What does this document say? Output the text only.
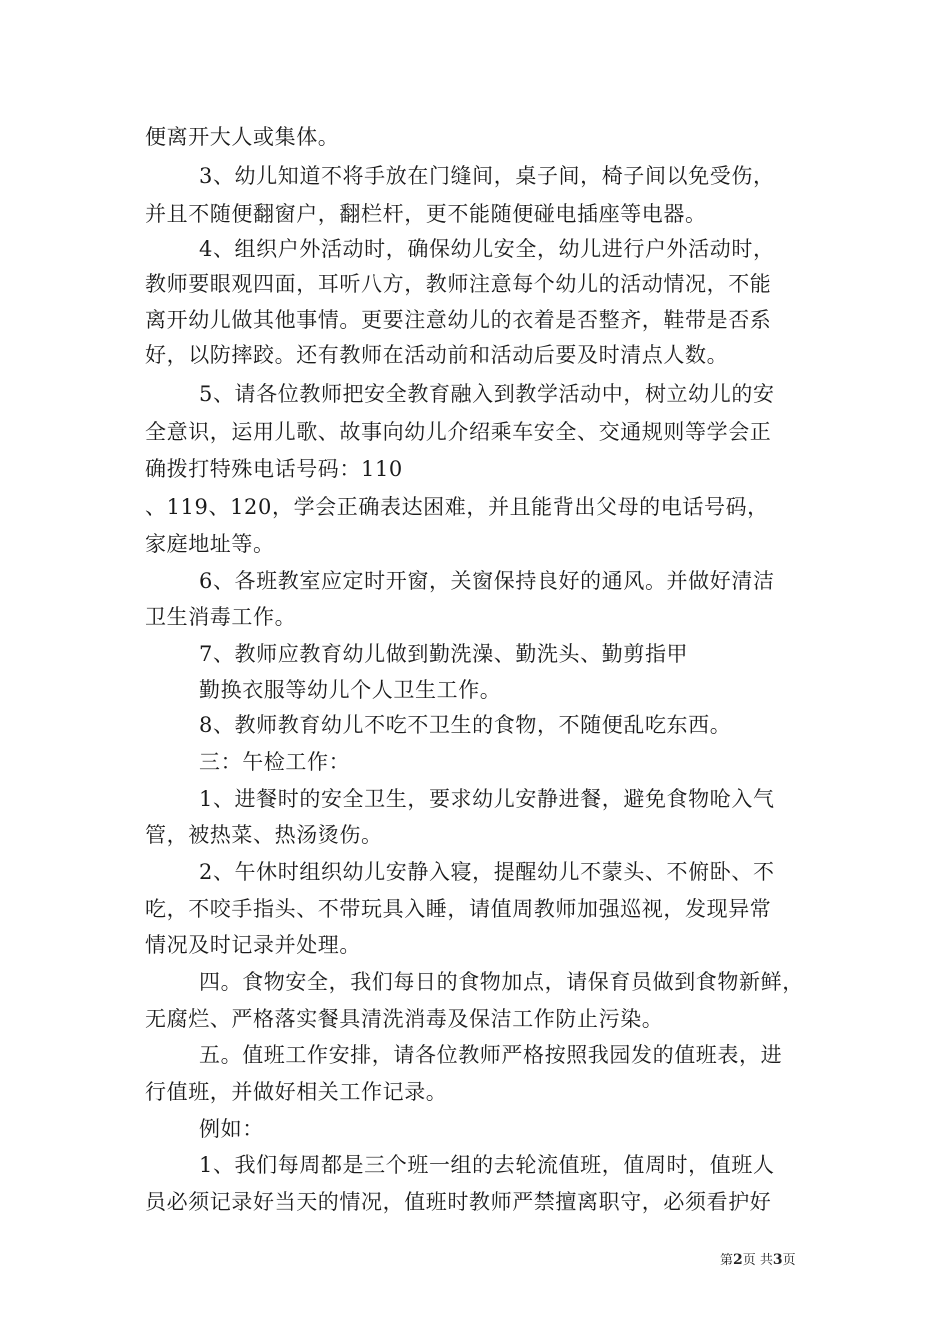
便离开大人或集体。
3、幼儿知道不将手放在门缝间，桌子间，椅子间以免受伤，
并且不随便翻窗户，翻栏杆，更不能随便碰电插座等电器。
4、组织户外活动时，确保幼儿安全，幼儿进行户外活动时，
教师要眼观四面，耳听八方，教师注意每个幼儿的活动情况，不能
离开幼儿做其他事情。更要注意幼儿的衣着是否整齐，鞋带是否系
好，以防摔跤。还有教师在活动前和活动后要及时清点人数。
5、请各位教师把安全教育融入到教学活动中，树立幼儿的安
全意识，运用儿歌、故事向幼儿介绍乘车安全、交通规则等学会正
确拨打特殊电话号码：110
、119、120，学会正确表达困难，并且能背出父母的电话号码，
家庭地址等。
6、各班教室应定时开窗，关窗保持良好的通风。并做好清洁
卫生消毒工作。
7、教师应教育幼儿做到勤洗澡、勤洗头、勤剪指甲
勤换衣服等幼儿个人卫生工作。
8、教师教育幼儿不吃不卫生的食物，不随便乱吃东西。
三：午检工作：
1、进餐时的安全卫生，要求幼儿安静进餐，避免食物呛入气
管，被热菜、热汤烫伤。
2、午休时组织幼儿安静入寝，提醒幼儿不蒙头、不俯卧、不
吃，不咬手指头、不带玩具入睡，请值周教师加强巡视，发现异常
情况及时记录并处理。
四。食物安全，我们每日的食物加点，请保育员做到食物新鲜，
无腐烂、严格落实餐具清洗消毒及保洁工作防止污染。
五。值班工作安排，请各位教师严格按照我园发的值班表，进
行值班，并做好相关工作记录。
例如：
1、我们每周都是三个班一组的去轮流值班，值周时，值班人
员必须记录好当天的情况，值班时教师严禁擅离职守，必须看护好
第2页 共3页
